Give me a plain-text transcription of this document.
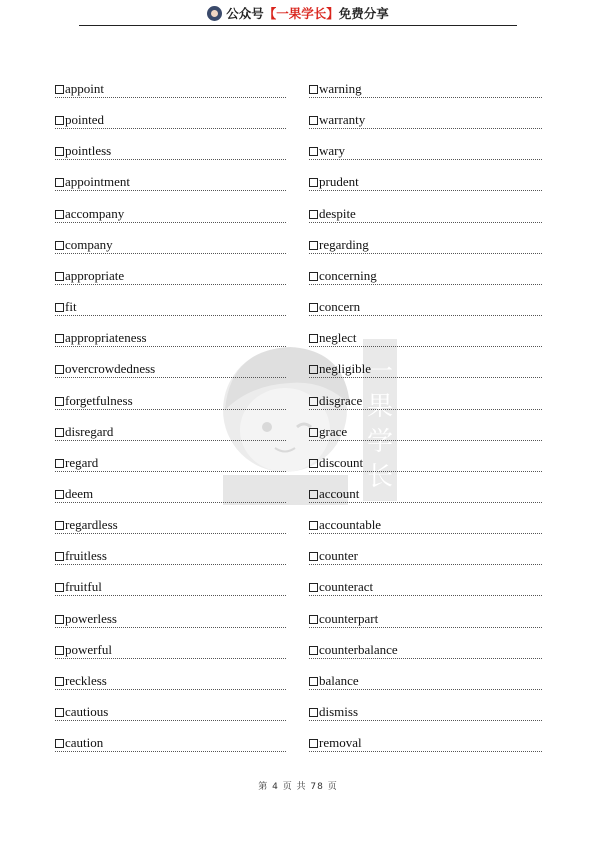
公众号【一果学长】免费分享
一
果
学
长
appoint	warning
pointed	warranty
pointless	wary
appointment	prudent
accompany	despite
company	regarding
appropriate	concerning
fit	concern
appropriateness	neglect
overcrowdedness	negligible
forgetfulness	disgrace
disregard	grace
regard	discount
deem	account
regardless	accountable
fruitless	counter
fruitful	counteract
powerless	counterpart
powerful	counterbalance
reckless	balance
cautious	dismiss
caution	removal
第 4 页 共 78 页
